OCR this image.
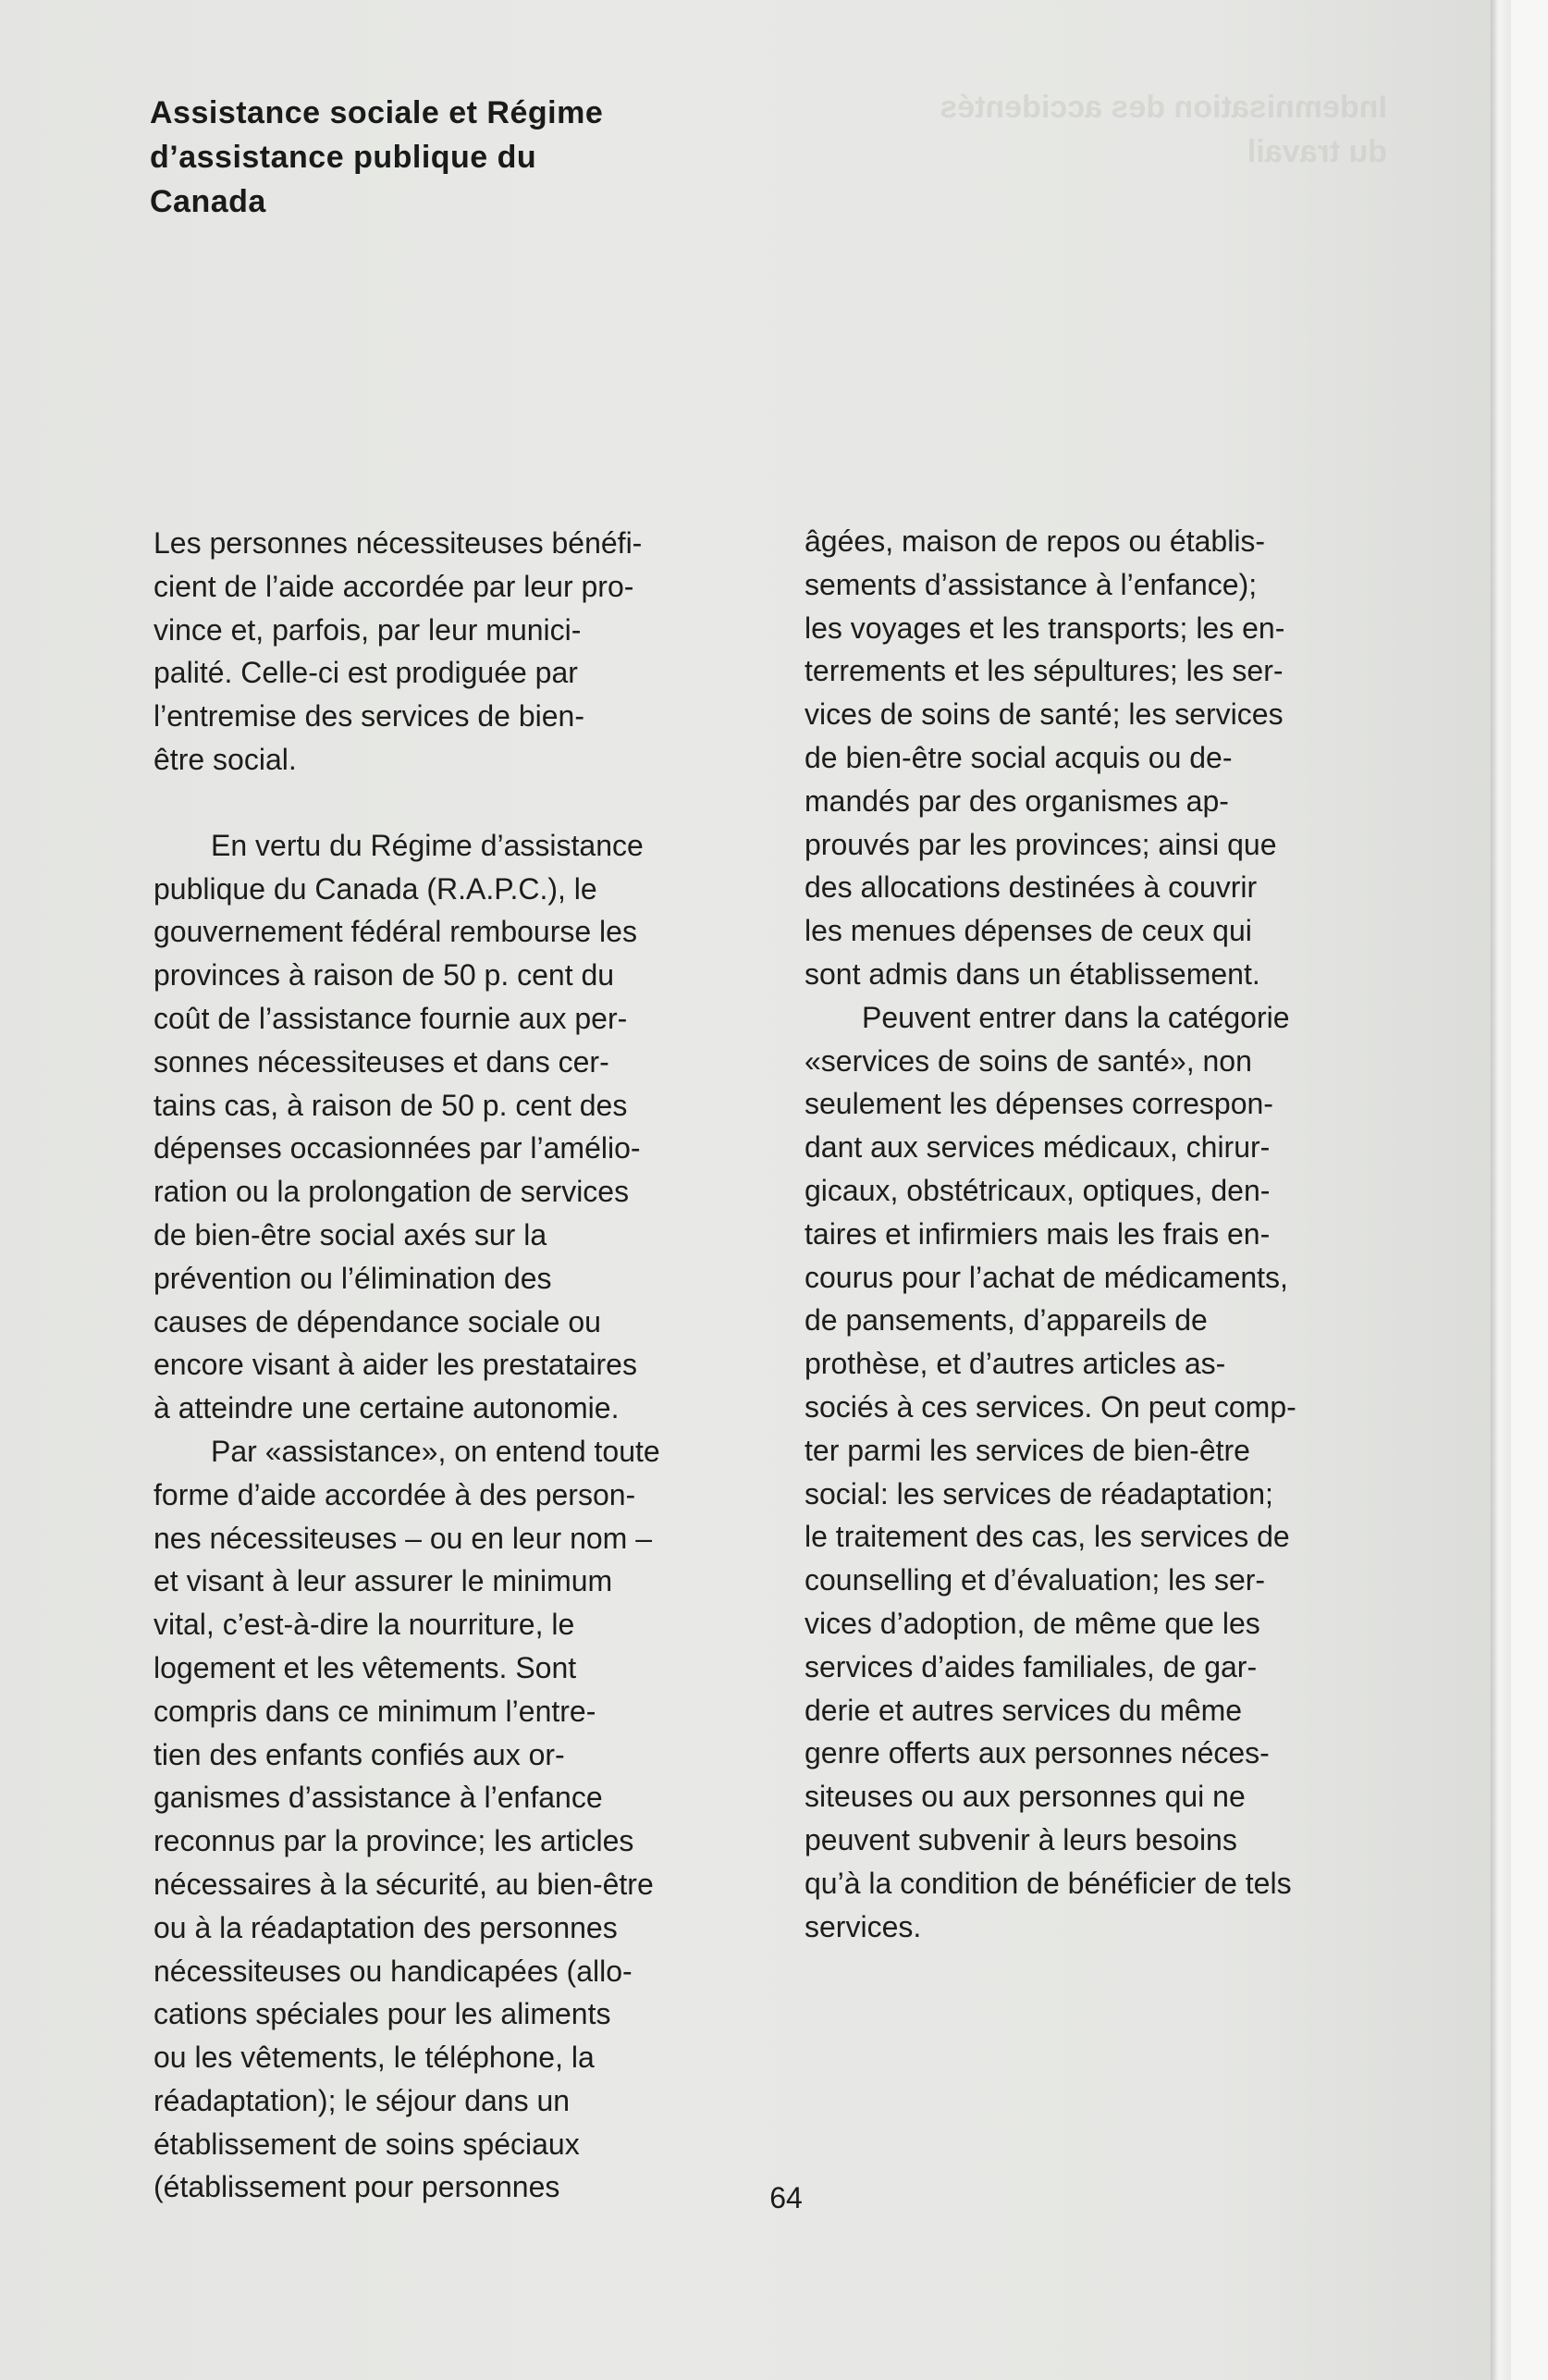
Indemnisation des accidentés
du travail
Assistance sociale et Régime
d’assistance publique du
Canada
Les personnes nécessiteuses bénéfi-
cient de l’aide accordée par leur pro-
vince et, parfois, par leur munici-
palité. Celle-ci est prodiguée par
l’entremise des services de bien-
être social.
En vertu du Régime d’assistance
publique du Canada (R.A.P.C.), le
gouvernement fédéral rembourse les
provinces à raison de 50 p. cent du
coût de l’assistance fournie aux per-
sonnes nécessiteuses et dans cer-
tains cas, à raison de 50 p. cent des
dépenses occasionnées par l’amélio-
ration ou la prolongation de services
de bien-être social axés sur la
prévention ou l’élimination des
causes de dépendance sociale ou
encore visant à aider les prestataires
à atteindre une certaine autonomie.
Par «assistance», on entend toute
forme d’aide accordée à des person-
nes nécessiteuses – ou en leur nom –
et visant à leur assurer le minimum
vital, c’est-à-dire la nourriture, le
logement et les vêtements. Sont
compris dans ce minimum l’entre-
tien des enfants confiés aux or-
ganismes d’assistance à l’enfance
reconnus par la province; les articles
nécessaires à la sécurité, au bien-être
ou à la réadaptation des personnes
nécessiteuses ou handicapées (allo-
cations spéciales pour les aliments
ou les vêtements, le téléphone, la
réadaptation); le séjour dans un
établissement de soins spéciaux
(établissement pour personnes
âgées, maison de repos ou établis-
sements d’assistance à l’enfance);
les voyages et les transports; les en-
terrements et les sépultures; les ser-
vices de soins de santé; les services
de bien-être social acquis ou de-
mandés par des organismes ap-
prouvés par les provinces; ainsi que
des allocations destinées à couvrir
les menues dépenses de ceux qui
sont admis dans un établissement.
Peuvent entrer dans la catégorie
«services de soins de santé», non
seulement les dépenses correspon-
dant aux services médicaux, chirur-
gicaux, obstétricaux, optiques, den-
taires et infirmiers mais les frais en-
courus pour l’achat de médicaments,
de pansements, d’appareils de
prothèse, et d’autres articles as-
sociés à ces services. On peut comp-
ter parmi les services de bien-être
social: les services de réadaptation;
le traitement des cas, les services de
counselling et d’évaluation; les ser-
vices d’adoption, de même que les
services d’aides familiales, de gar-
derie et autres services du même
genre offerts aux personnes néces-
siteuses ou aux personnes qui ne
peuvent subvenir à leurs besoins
qu’à la condition de bénéficier de tels
services.
64
